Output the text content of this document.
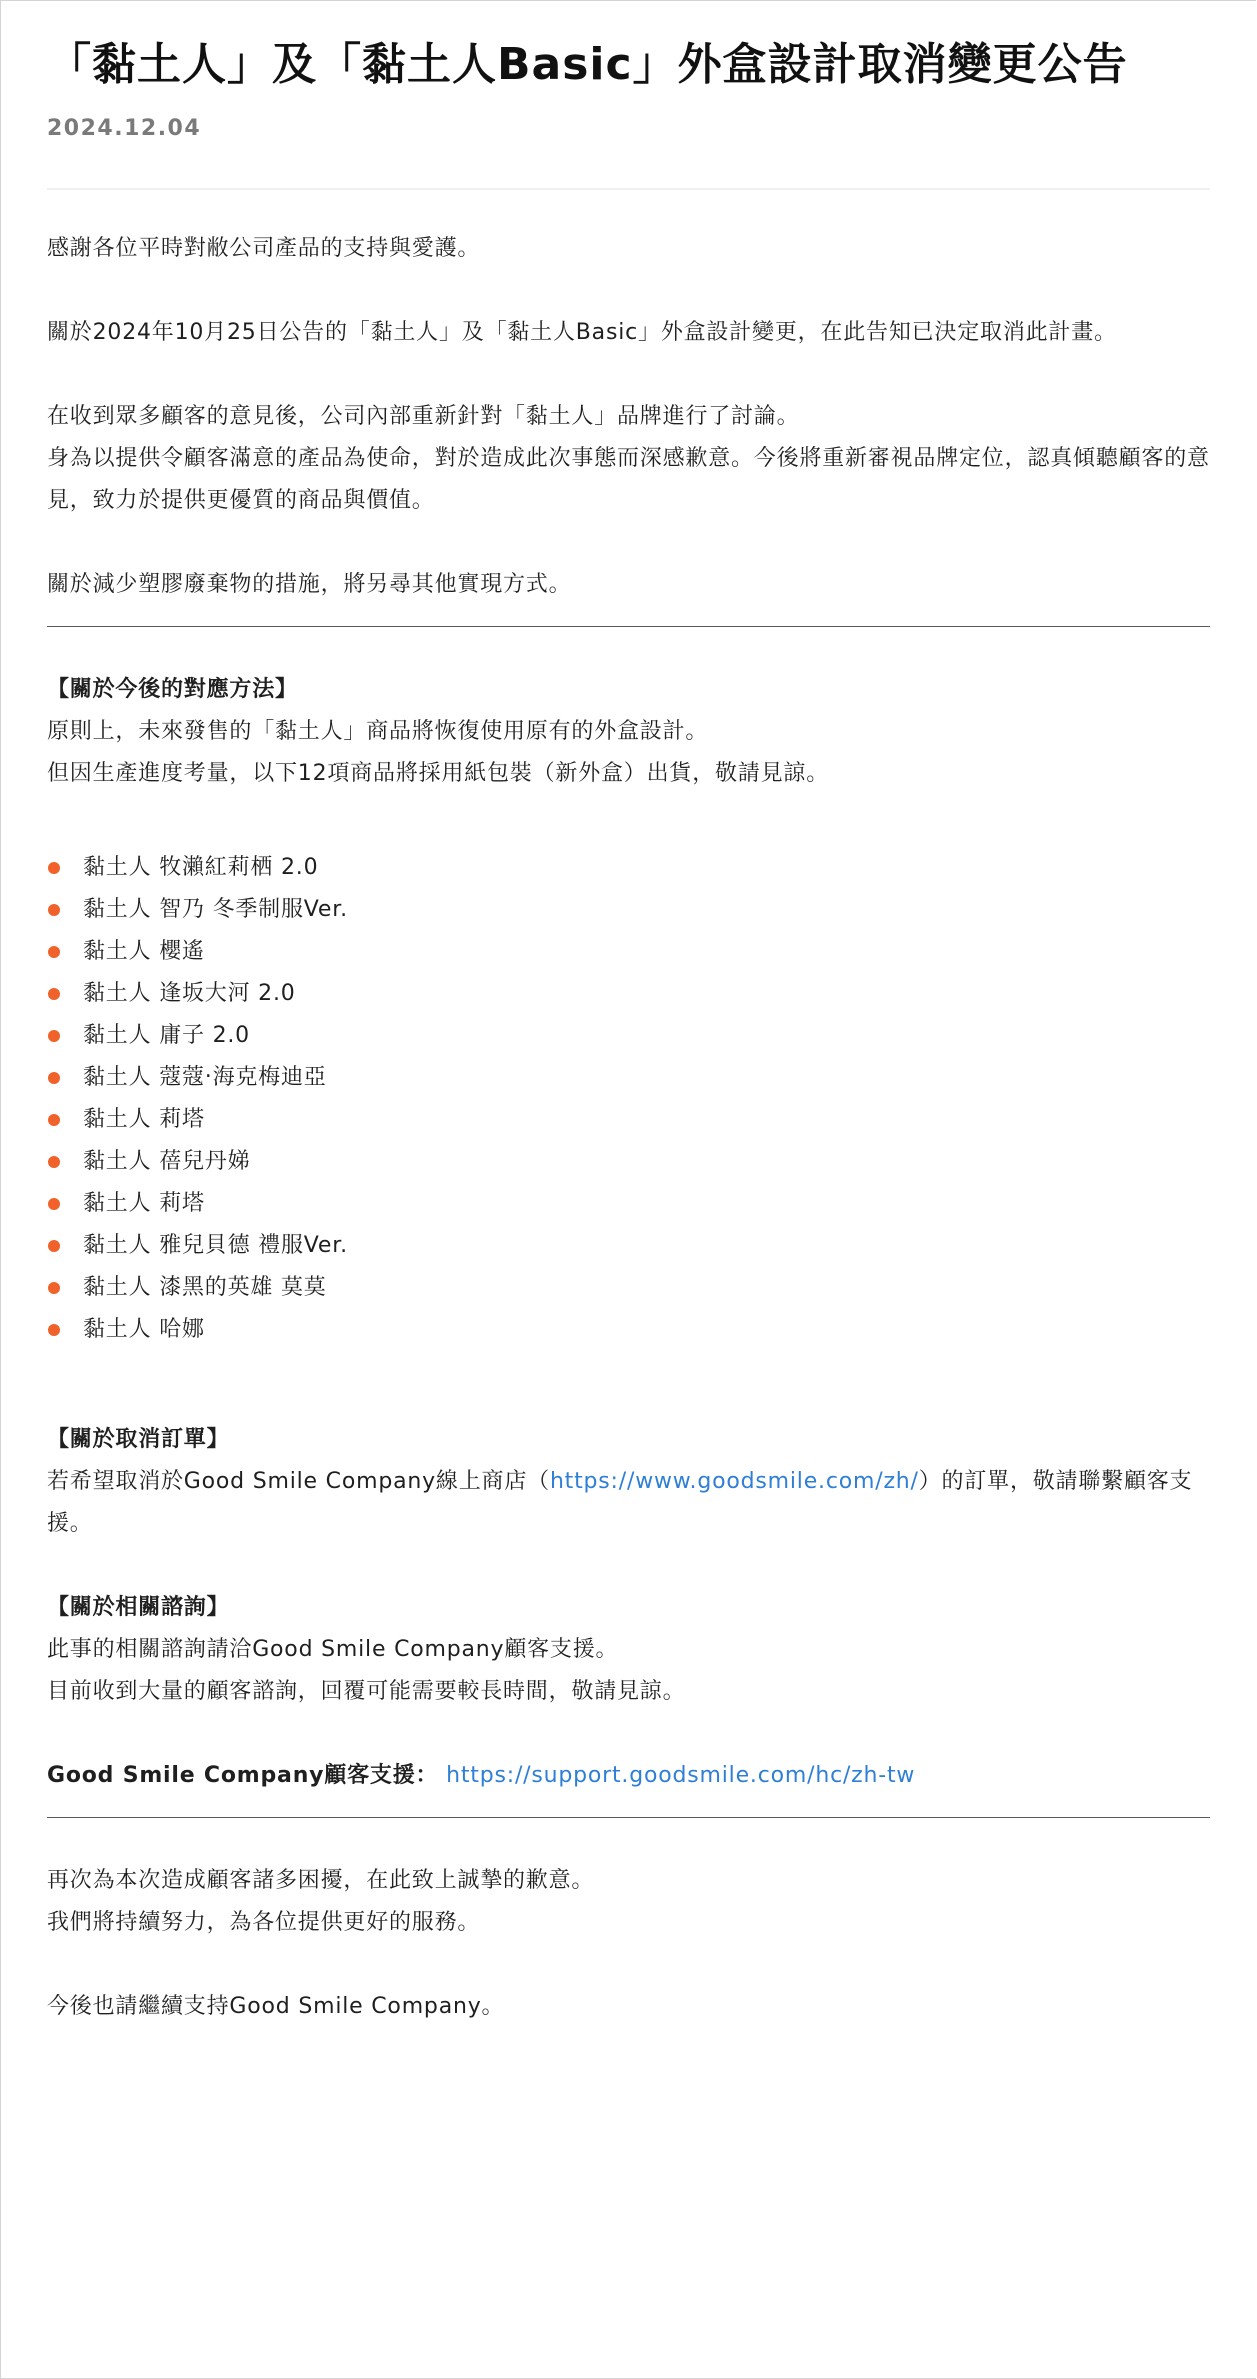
「黏土人」及「黏土人Basic」外盒設計取消變更公告
2024.12.04

感謝各位平時對敝公司產品的支持與愛護。

關於2024年10月25日公告的「黏土人」及「黏土人Basic」外盒設計變更，在此告知已決定取消此計畫。

在收到眾多顧客的意見後，公司內部重新針對「黏土人」品牌進行了討論。

身為以提供令顧客滿意的產品為使命，對於造成此次事態而深感歉意。今後將重新審視品牌定位，認真傾聽顧客的意見，致力於提供更優質的商品與價值。

關於減少塑膠廢棄物的措施，將另尋其他實現方式。

【關於今後的對應方法】

原則上，未來發售的「黏土人」商品將恢復使用原有的外盒設計。

但因生產進度考量，以下12項商品將採用紙包裝（新外盒）出貨，敬請見諒。

黏土人 牧瀨紅莉栖 2.0
黏土人 智乃 冬季制服Ver.
黏土人 櫻遙
黏土人 逢坂大河 2.0
黏土人 庸子 2.0
黏土人 蔻蔻‧海克梅迪亞
黏土人 莉塔
黏土人 蓓兒丹娣
黏土人 莉塔
黏土人 雅兒貝德 禮服Ver.
黏土人 漆黑的英雄 莫莫
黏土人 哈娜

【關於取消訂單】

若希望取消於Good Smile Company線上商店（https://www.goodsmile.com/zh/）的訂單，敬請聯繫顧客支援。

【關於相關諮詢】

此事的相關諮詢請洽Good Smile Company顧客支援。

目前收到大量的顧客諮詢，回覆可能需要較長時間，敬請見諒。

Good Smile Company顧客支援： https://support.goodsmile.com/hc/zh-tw

再次為本次造成顧客諸多困擾，在此致上誠摯的歉意。

我們將持續努力，為各位提供更好的服務。

今後也請繼續支持Good Smile Company。
